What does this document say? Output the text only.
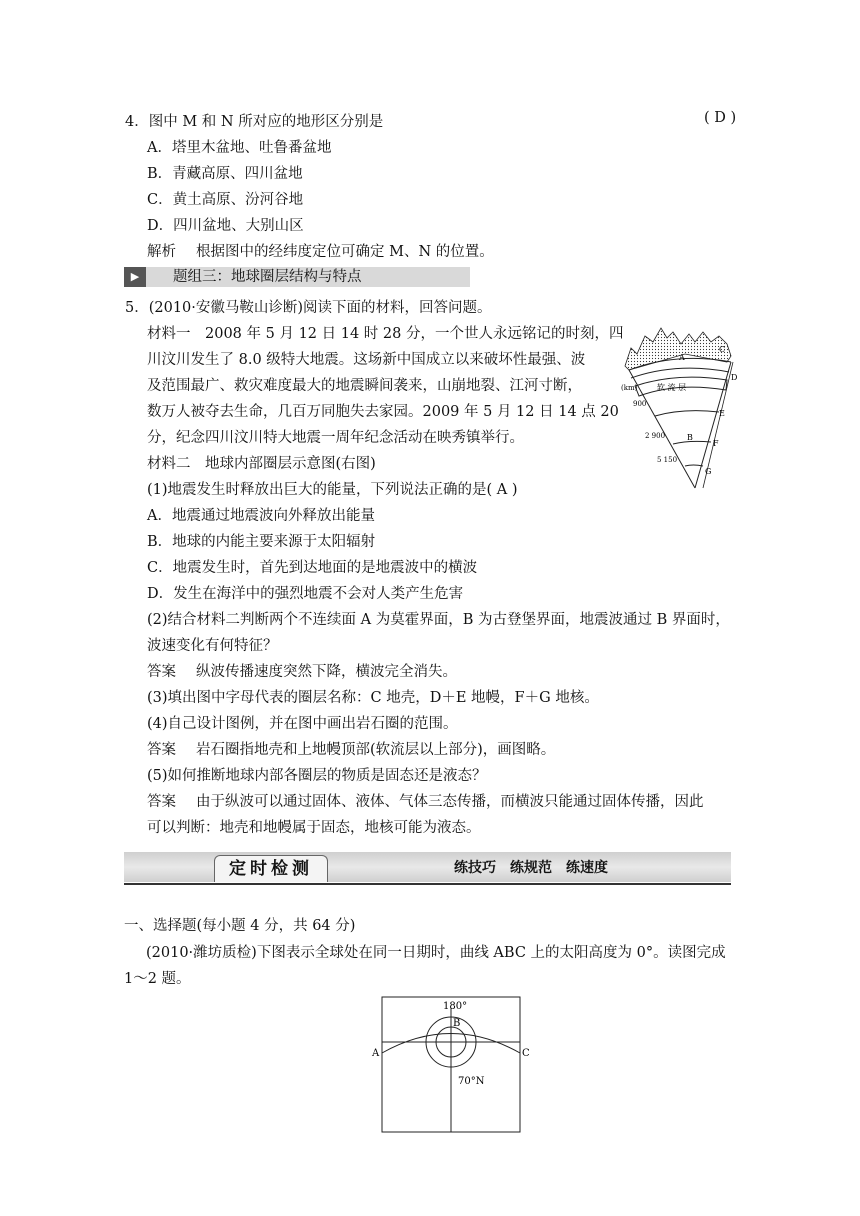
4．图中 M 和 N 所对应的地形区分别是	( D )
A．塔里木盆地、吐鲁番盆地
B．青藏高原、四川盆地
C．黄土高原、汾河谷地
D．四川盆地、大别山区
解析 根据图中的经纬度定位可确定 M、N 的位置。
▶	题组三：地球圈层结构与特点
5．(2010·安徽马鞍山诊断)阅读下面的材料，回答问题。
材料一　2008 年 5 月 12 日 14 时 28 分，一个世人永远铭记的时刻，四
川汶川发生了 8.0 级特大地震。这场新中国成立以来破坏性最强、波
及范围最广、救灾难度最大的地震瞬间袭来，山崩地裂、江河寸断，
数万人被夺去生命，几百万同胞失去家园。2009 年 5 月 12 日 14 点 20
分，纪念四川汶川特大地震一周年纪念活动在映秀镇举行。
材料二　地球内部圈层示意图(右图)
(1)地震发生时释放出巨大的能量，下列说法正确的是( A )
A．地震通过地震波向外释放出能量
B．地球的内能主要来源于太阳辐射
C．地震发生时，首先到达地面的是地震波中的横波
D．发生在海洋中的强烈地震不会对人类产生危害
(2)结合材料二判断两个不连续面 A 为莫霍界面，B 为古登堡界面，地震波通过 B 界面时，
波速变化有何特征？
答案 纵波传播速度突然下降，横波完全消失。
(3)填出图中字母代表的圈层名称：C 地壳，D＋E 地幔，F＋G 地核。
(4)自己设计图例，并在图中画出岩石圈的范围。
答案 岩石圈指地壳和上地幔顶部(软流层以上部分)，画图略。
(5)如何推断地球内部各圈层的物质是固态还是液态？
答案 由于纵波可以通过固体、液体、气体三态传播，而横波只能通过固体传播，因此
可以判断：地壳和地幔属于固态，地核可能为液态。
A
B
C
D
E
F
G
(km)
900
2 900
5 150
软 流 层
定时检测	练技巧　练规范　练速度
一、选择题(每小题 4 分，共 64 分)
(2010·潍坊质检)下图表示全球处在同一日期时，曲线 ABC 上的太阳高度为 0°。读图完成
1～2 题。
180°
A
B
C
70°N
